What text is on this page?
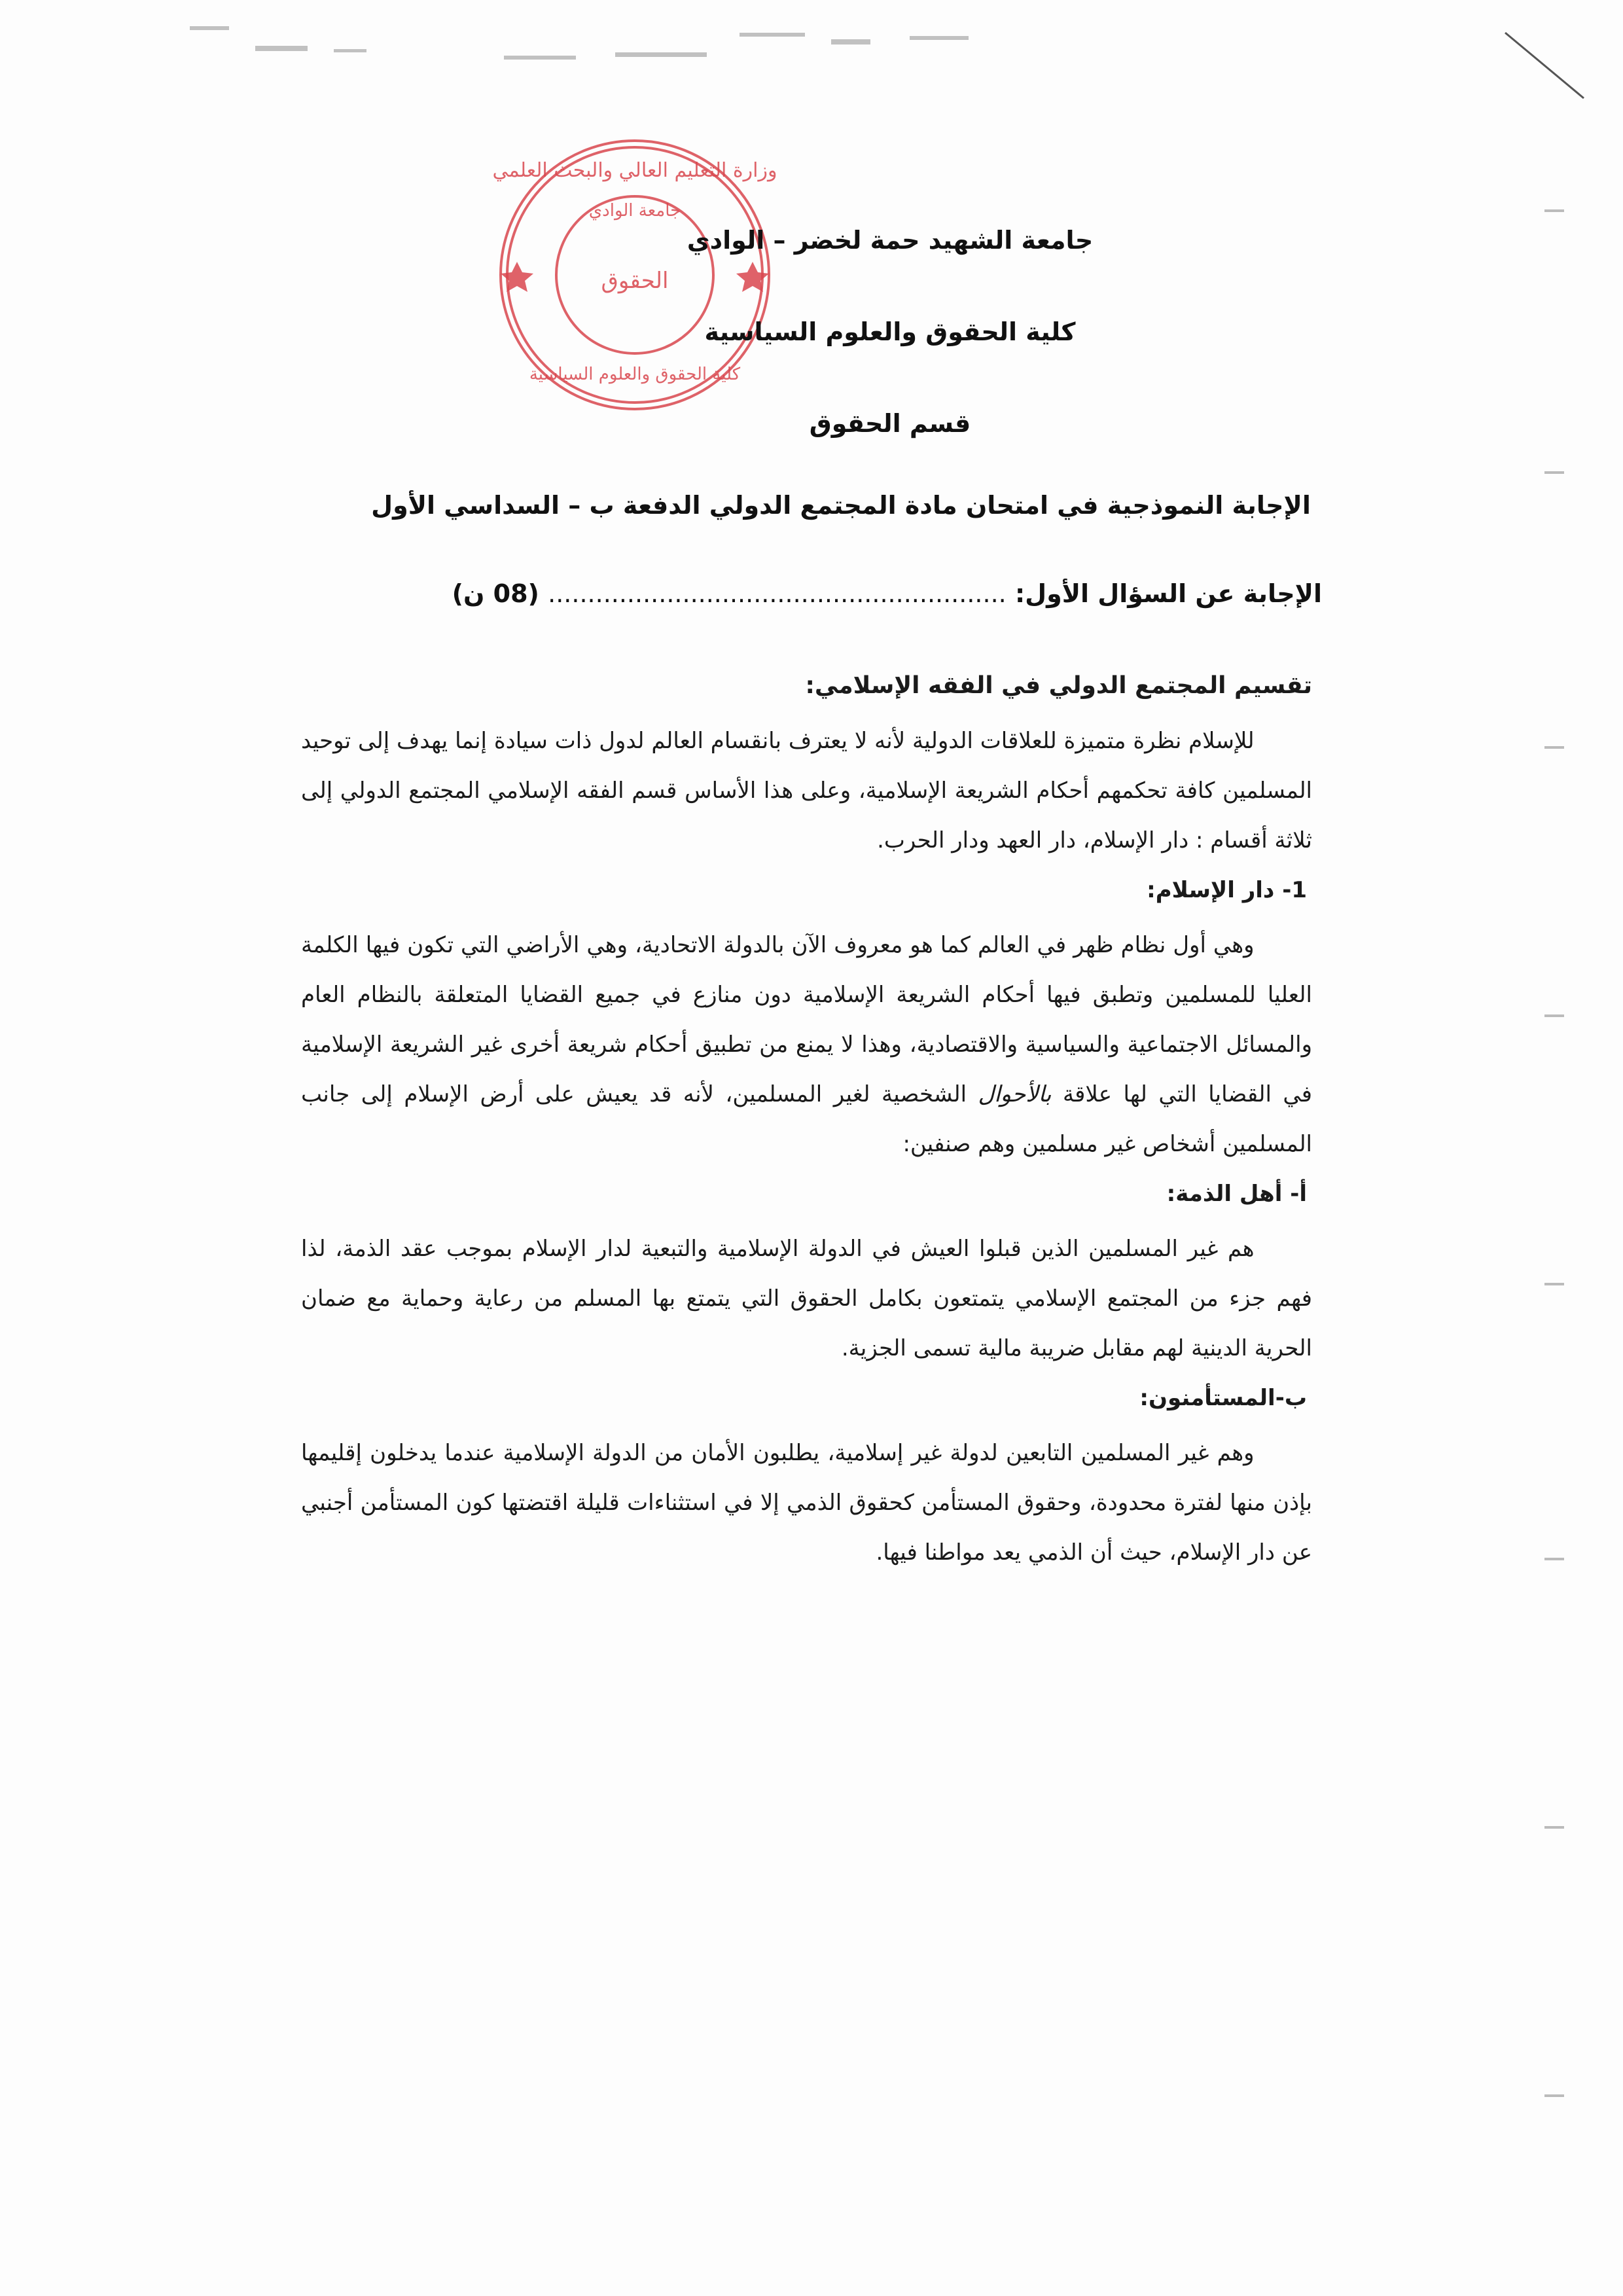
وزارة التعليم العالي والبحث العلمي
جامعة الوادي
الحقوق
كلية الحقوق والعلوم السياسية
جامعة الشهيد حمة لخضر – الوادي
كلية الحقوق والعلوم السياسية
قسم الحقوق
الإجابة النموذجية في امتحان مادة المجتمع الدولي الدفعة ب – السداسي الأول
الإجابة عن السؤال الأول: .......................................................... (08 ن)

تقسيم المجتمع الدولي في الفقه الإسلامي:

للإسلام نظرة متميزة للعلاقات الدولية لأنه لا يعترف بانقسام العالم لدول ذات سيادة إنما يهدف إلى توحيد المسلمين كافة تحكمهم أحكام الشريعة الإسلامية، وعلى هذا الأساس قسم الفقه الإسلامي المجتمع الدولي إلى ثلاثة أقسام : دار الإسلام، دار العهد ودار الحرب.

1- دار الإسلام:

وهي أول نظام ظهر في العالم كما هو معروف الآن بالدولة الاتحادية، وهي الأراضي التي تكون فيها الكلمة العليا للمسلمين وتطبق فيها أحكام الشريعة الإسلامية دون منازع في جميع القضايا المتعلقة بالنظام العام والمسائل الاجتماعية والسياسية والاقتصادية، وهذا لا يمنع من تطبيق أحكام شريعة أخرى غير الشريعة الإسلامية في القضايا التي لها علاقة بالأحوال الشخصية لغير المسلمين، لأنه قد يعيش على أرض الإسلام إلى جانب المسلمين أشخاص غير مسلمين وهم صنفين:

أ- أهل الذمة:

هم غير المسلمين الذين قبلوا العيش في الدولة الإسلامية والتبعية لدار الإسلام بموجب عقد الذمة، لذا فهم جزء من المجتمع الإسلامي يتمتعون بكامل الحقوق التي يتمتع بها المسلم من رعاية وحماية مع ضمان الحرية الدينية لهم مقابل ضريبة مالية تسمى الجزية.

ب-المستأمنون:

وهم غير المسلمين التابعين لدولة غير إسلامية، يطلبون الأمان من الدولة الإسلامية عندما يدخلون إقليمها بإذن منها لفترة محدودة، وحقوق المستأمن كحقوق الذمي إلا في استثناءات قليلة اقتضتها كون المستأمن أجنبي عن دار الإسلام، حيث أن الذمي يعد مواطنا فيها.
